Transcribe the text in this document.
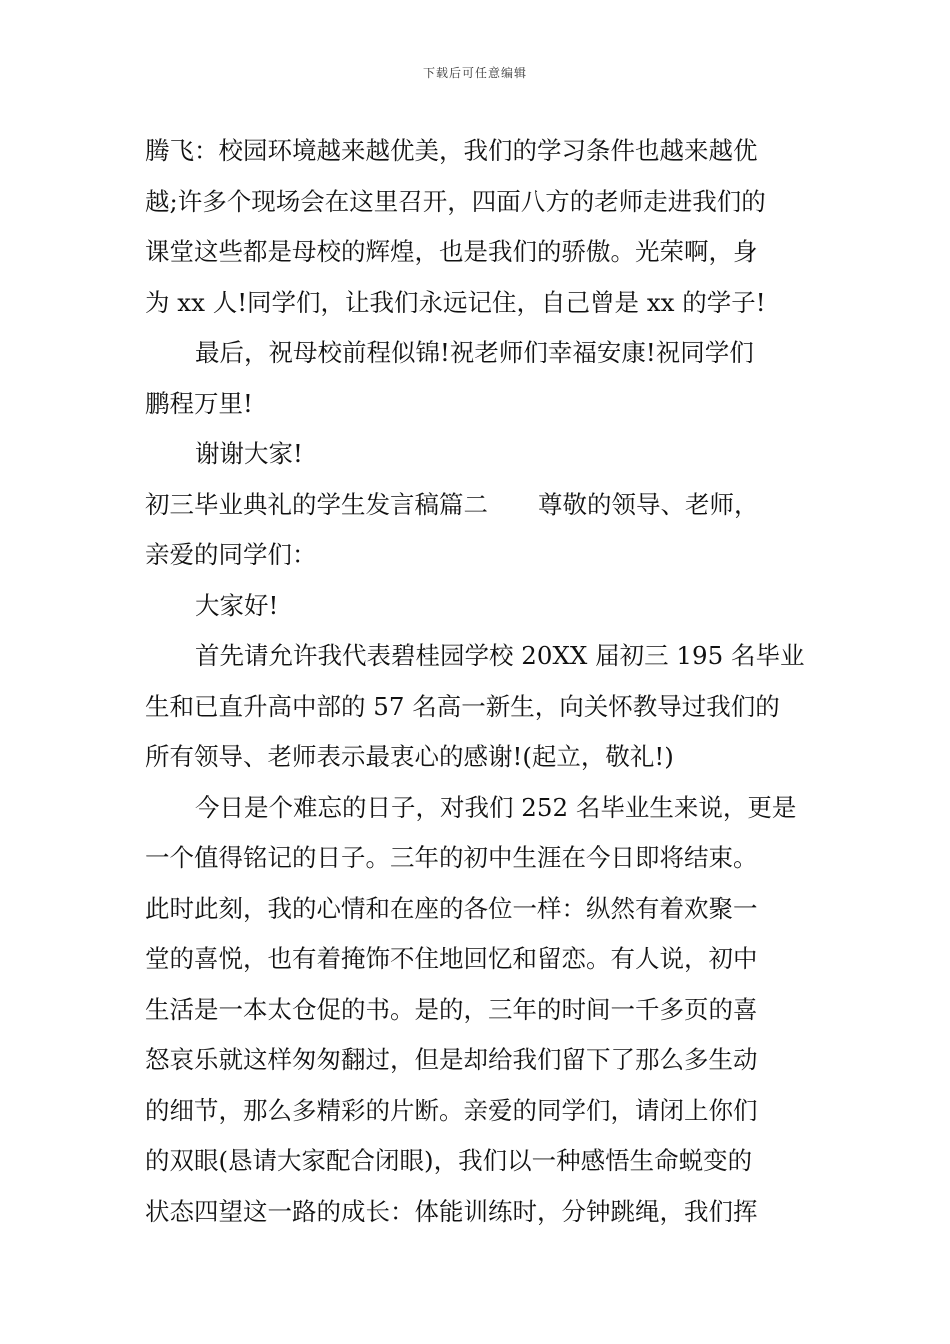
下载后可任意编辑
腾飞：校园环境越来越优美，我们的学习条件也越来越优
越;许多个现场会在这里召开，四面八方的老师走进我们的
课堂这些都是母校的辉煌，也是我们的骄傲。光荣啊，身
为 xx 人!同学们，让我们永远记住，自己曾是 xx 的学子!
最后，祝母校前程似锦!祝老师们幸福安康!祝同学们
鹏程万里!
谢谢大家!
初三毕业典礼的学生发言稿篇二 尊敬的领导、老师，
亲爱的同学们：
大家好!
首先请允许我代表碧桂园学校 20XX 届初三 195 名毕业
生和已直升高中部的 57 名高一新生，向关怀教导过我们的
所有领导、老师表示最衷心的感谢!(起立，敬礼!)
今日是个难忘的日子，对我们 252 名毕业生来说，更是
一个值得铭记的日子。三年的初中生涯在今日即将结束。
此时此刻，我的心情和在座的各位一样：纵然有着欢聚一
堂的喜悦，也有着掩饰不住地回忆和留恋。有人说，初中
生活是一本太仓促的书。是的，三年的时间一千多页的喜
怒哀乐就这样匆匆翻过，但是却给我们留下了那么多生动
的细节，那么多精彩的片断。亲爱的同学们，请闭上你们
的双眼(恳请大家配合闭眼)，我们以一种感悟生命蜕变的
状态四望这一路的成长：体能训练时，分钟跳绳，我们挥
